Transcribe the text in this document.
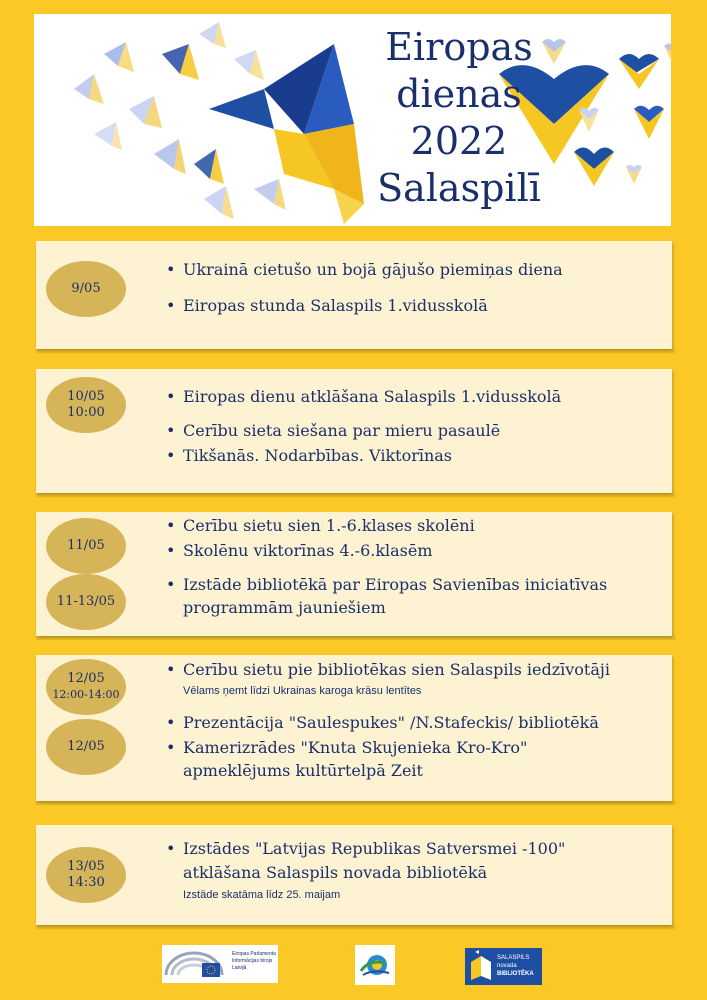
Eiropas
dienas
2022
Salaspilī
9/05
• Ukrainā cietušo un bojā gājušo piemiņas diena
• Eiropas stunda Salaspils 1.vidusskolā
10/05
10:00
• Eiropas dienu atklāšana Salaspils 1.vidusskolā
• Cerību sieta siešana par mieru pasaulē
• Tikšanās. Nodarbības. Viktorīnas
11/05
11-13/05
• Cerību sietu sien 1.-6.klases skolēni
• Skolēnu viktorīnas 4.-6.klasēm
• Izstāde bibliotēkā par Eiropas Savienības iniciatīvas
programmām jauniešiem
12/05
12:00-14:00
12/05
• Cerību sietu pie bibliotēkas sien Salaspils iedzīvotāji
Vēlams ņemt līdzi Ukrainas karoga krāsu lentītes
• Prezentācija "Saulespukes" /N.Stafeckis/ bibliotēkā
• Kamerizrādes "Knuta Skujenieka Kro-Kro"
apmeklējums kultūrtelpā Zeit
13/05
14:30
• Izstādes "Latvijas Republikas Satversmei -100"
atklāšana Salaspils novada bibliotēkā
Izstāde skatāma līdz 25. maijam
Eiropas Parlamenta
Informācijas birojs
Latvijā
SALASPILS
novada
BIBLIOTĒKA
